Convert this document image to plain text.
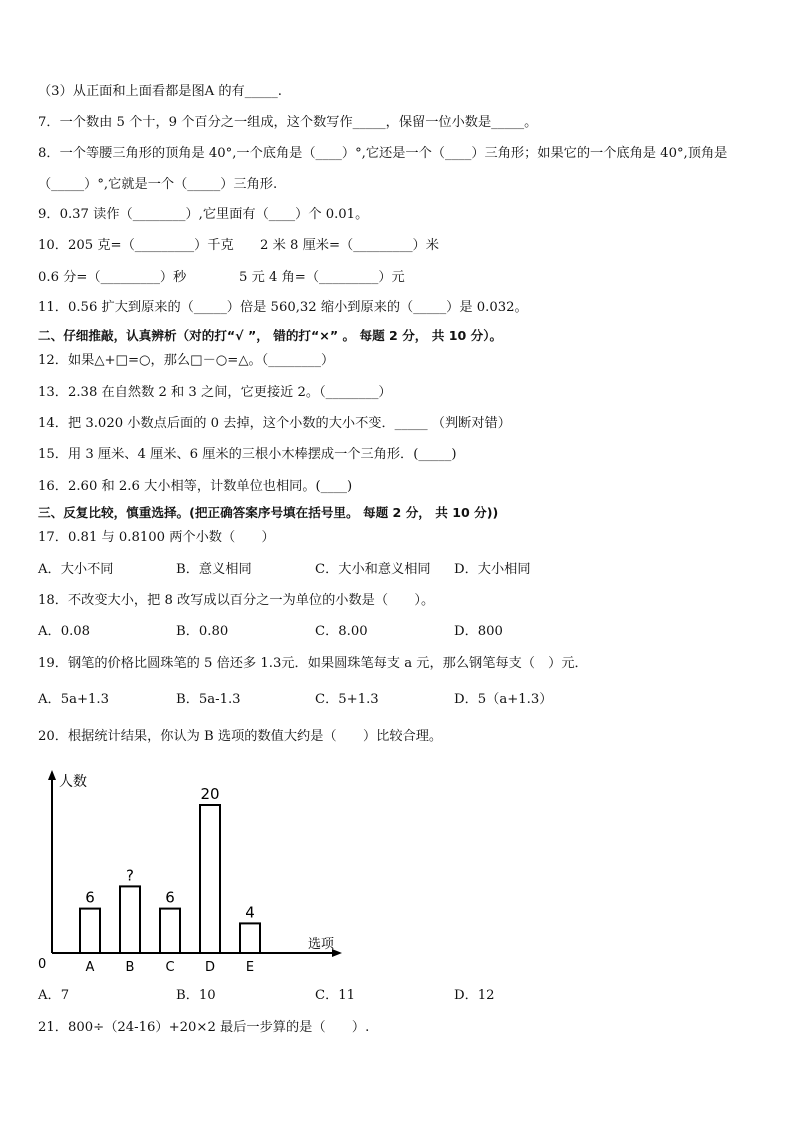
（3）从正面和上面看都是图A 的有_____.
7．一个数由 5 个十，9 个百分之一组成，这个数写作_____，保留一位小数是_____。
8．一个等腰三角形的顶角是 40°,一个底角是（____）°,它还是一个（____）三角形；如果它的一个底角是 40°,顶角是
（_____）°,它就是一个（_____）三角形.
9．0.37 读作（________）,它里面有（____）个 0.01。
10．205 克=（_________）千克　　2 米 8 厘米=（_________）米
0.6 分=（_________）秒　　　　5 元 4 角=（_________）元
11．0.56 扩大到原来的（_____）倍是 560,32 缩小到原来的（_____）是 0.032。
二、仔细推敲，认真辨析（对的打“√ ”， 错的打“×” 。 每题 2 分， 共 10 分）。
12．如果△+□=○，那么□－○=△。（________）
13．2.38 在自然数 2 和 3 之间，它更接近 2。（________）
14．把 3.020 小数点后面的 0 去掉，这个小数的大小不变．_____ （判断对错）
15．用 3 厘米、4 厘米、6 厘米的三根小木棒摆成一个三角形．(_____)
16．2.60 和 2.6 大小相等，计数单位也相同。(____)
三、反复比较，慎重选择。(把正确答案序号填在括号里。 每题 2 分， 共 10 分))
17．0.81 与 0.8100 两个小数（　　）
A．大小不同	B．意义相同	C．大小和意义相同 D．大小相同
18．不改变大小，把 8 改写成以百分之一为单位的小数是（　　）。
A．0.08	B．0.80	C．8.00	D．800
19．钢笔的价格比圆珠笔的 5 倍还多 1.3元．如果圆珠笔每支 a 元，那么钢笔每支（　）元．
A．5a+1.3	B．5a-1.3	C．5+1.3	D．5（a+1.3）
20．根据统计结果，你认为 B 选项的数值大约是（　　）比较合理。
人数
选项
0
6
A
?
B
6
C
20
D
4
E
A．7	B．10	C．11	D．12
21．800÷（24-16）+20×2 最后一步算的是（　　）.
